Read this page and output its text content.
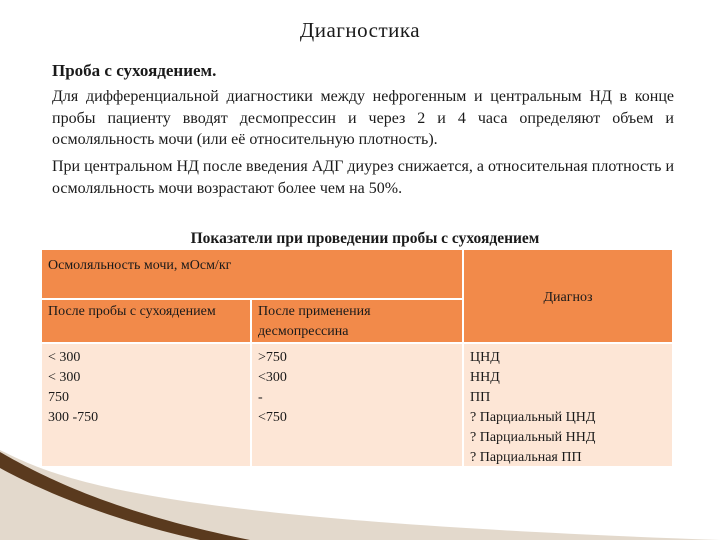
Диагностика
Проба с сухоядением.

Для дифференциальной диагностики между нефрогенным и центральным НД в конце пробы пациенту вводят десмопрессин и через 2 и 4 часа определяют объем и осмоляльность мочи (или её относительную плотность).

При центральном НД после введения АДГ диурез снижается, а относительная плотность и осмоляльность мочи возрастают более чем на 50%.

Показатели при проведении пробы с сухоядением
Осмоляльность мочи, мОсм/кг
После пробы с сухоядением	После применения десмопрессина
Диагноз
< 300
< 300
750
300 -750
>750
<300
-
<750
ЦНД
ННД
ПП
? Парциальный ЦНД
? Парциальный ННД
? Парциальная ПП
